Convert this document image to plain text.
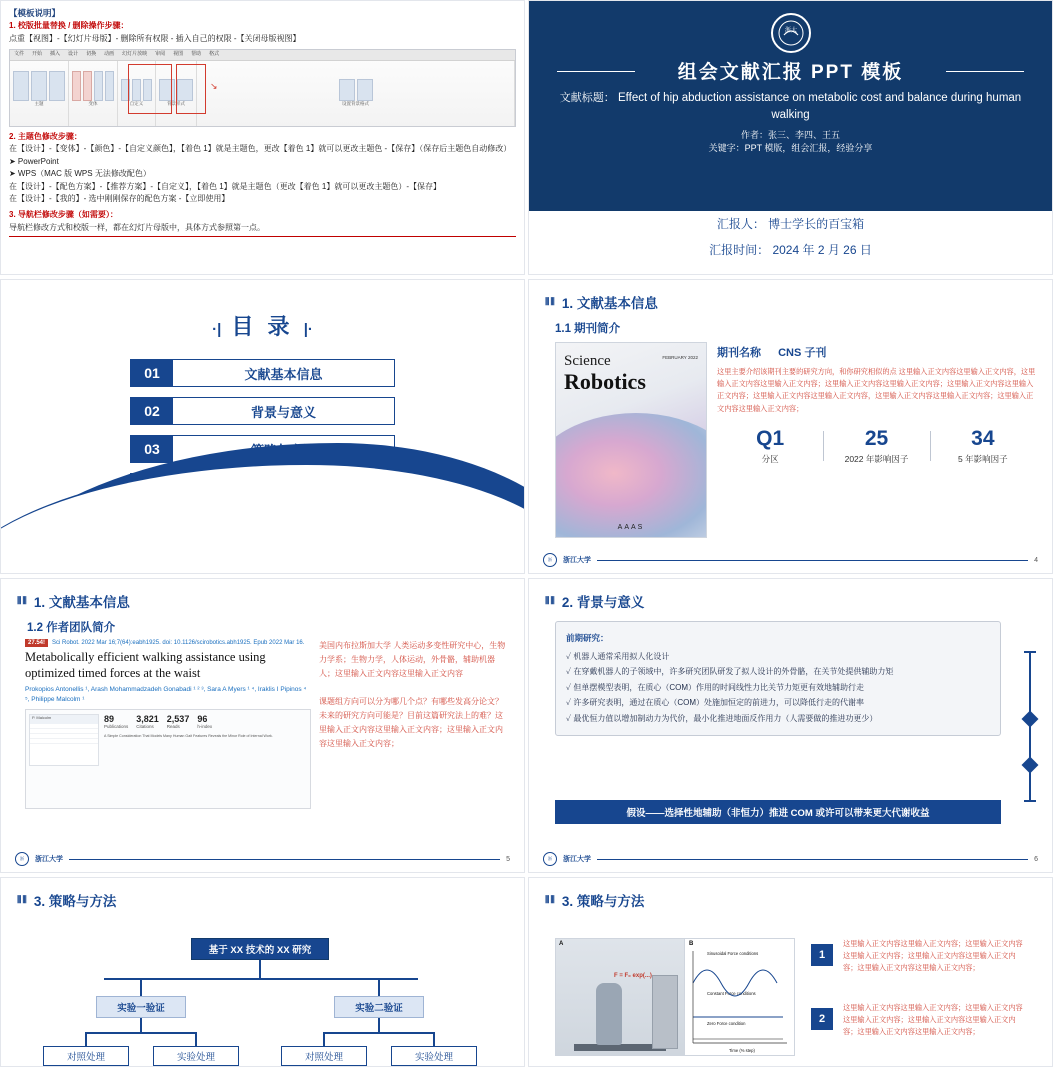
【模板说明】
1. 校版批量替换 / 删除操作步骤：
点重【视图】-【幻灯片母版】- 删除所有权限 - 插入自己的权限 -【关闭母版视图】
文件 开始 插入 设计 切换 动画 幻灯片放映 审阅 视图 帮助 格式
主题	变体	自定义	背景样式	设置背景格式
↘
2. 主题色修改步骤：
在【设计】-【变体】-【颜色】-【自定义颜色】，【着色 1】就是主题色，更改【着色 1】就可以更改主题色 -【保存】（保存后主题色自动修改）
➤ PowerPoint
➤ WPS（MAC 版 WPS 无法修改配色）
在【设计】-【配色方案】-【推荐方案】-【自定义】，【着色 1】就是主题色（更改【着色 1】就可以更改主题色）-【保存】
在【设计】-【我的】- 选中刚刚保存的配色方案 -【立即使用】
3. 导航栏修改步骤（如需要）：
导航栏修改方式和校版一样，都在幻灯片母版中，具体方式参照第一点。
浙大
组会文献汇报 PPT 模板
文献标题： Effect of hip abduction assistance on metabolic cost and balance during human walking
作者：张三、李四、王五
关键字：PPT 模版，组会汇报，经验分享
汇报人： 博士学长的百宝箱
汇报时间： 2024 年 2 月 26 日
·| 目 录 |·
01	文献基本信息
02	背景与意义
03
⦀⦀ 1. 文献基本信息
1.1 期刊简介
Science
Robotics
FEBRUARY 2022
AAAS
期刊名称 CNS 子刊
这里主要介绍该期刊主要的研究方向，和你研究相似的点 这里输入正文内容这里输入正文内容，这里输入正文内容这里输入正文内容；这里输入正文内容这里输入正文内容；这里输入正文内容这里输入正文内容；这里输入正文内容这里输入正文内容，这里输入正文内容这里输入正文内容；这里输入正文内容这里输入正文内容；
Q1
分区
25
2022 年影响因子
34
5 年影响因子
浙	浙江大学	4
⦀⦀ 1. 文献基本信息
1.2 作者团队简介
27.54!	Sci Robot. 2022 Mar 16;7(64):eabh1925. doi: 10.1126/scirobotics.abh1925. Epub 2022 Mar 16.
Metabolically efficient walking assistance using optimized timed forces at the waist
Prokopios Antonellis ¹, Arash Mohammadzadeh Gonabadi ¹ ² ³, Sara A Myers ¹ ⁴, Iraklis I Pipinos ⁴ ⁵, Philippe Malcolm ¹
P. Malcolm	89
Publications
3,821
Citations
2,537
Reads
96
h-index
A Simple Consideration That Models Many Human Gait Features Reveals the Minor Role of Internal Work.
美国内布拉斯加大学 人类运动多变性研究中心，生物力学系；生物力学，人体运动，外骨骼，辅助机器人；这里输入正文内容这里输入正文内容
课题组方向可以分为哪几个点？有哪些发高分论文？未来的研究方向可能是？目前这篇研究法上的难？这里输入正文内容这里输入正文内容；这里输入正文内容这里输入正文内容；
浙	浙江大学	5
⦀⦀ 2. 背景与意义
前期研究：
✓ 机器人通常采用拟人化设计
✓ 在穿戴机器人的子领域中，许多研究团队研发了拟人设计的外骨骼，在关节处提供辅助力矩
✓ 但单摆模型表明，在质心（COM）作用的时间线性力比关节力矩更有效地辅助行走
✓ 许多研究表明，通过在质心（COM）处施加恒定的前进力，可以降低行走的代谢率
✓ 最优恒力值以增加制动力为代价，最小化推进地面反作用力（人需要做的推进功更少）
假设——选择性地辅助（非恒力）推进 COM 或许可以带来更大代谢收益
浙	浙江大学	6
⦀⦀ 3. 策略与方法
基于 XX 技术的 XX 研究
实验一验证	实验二验证
对照处理	实验处理	对照处理	实验处理
⦀⦀ 3. 策略与方法
A
F = F₀ exp(...)
B
Sinusoidal Force conditions
Constant Force conditions
Zero Force condition
Time (% step)
1
这里输入正文内容这里输入正文内容；这里输入正文内容这里输入正文内容；这里输入正文内容这里输入正文内容；这里输入正文内容这里输入正文内容；
2
这里输入正文内容这里输入正文内容；这里输入正文内容这里输入正文内容；这里输入正文内容这里输入正文内容；这里输入正文内容这里输入正文内容；
